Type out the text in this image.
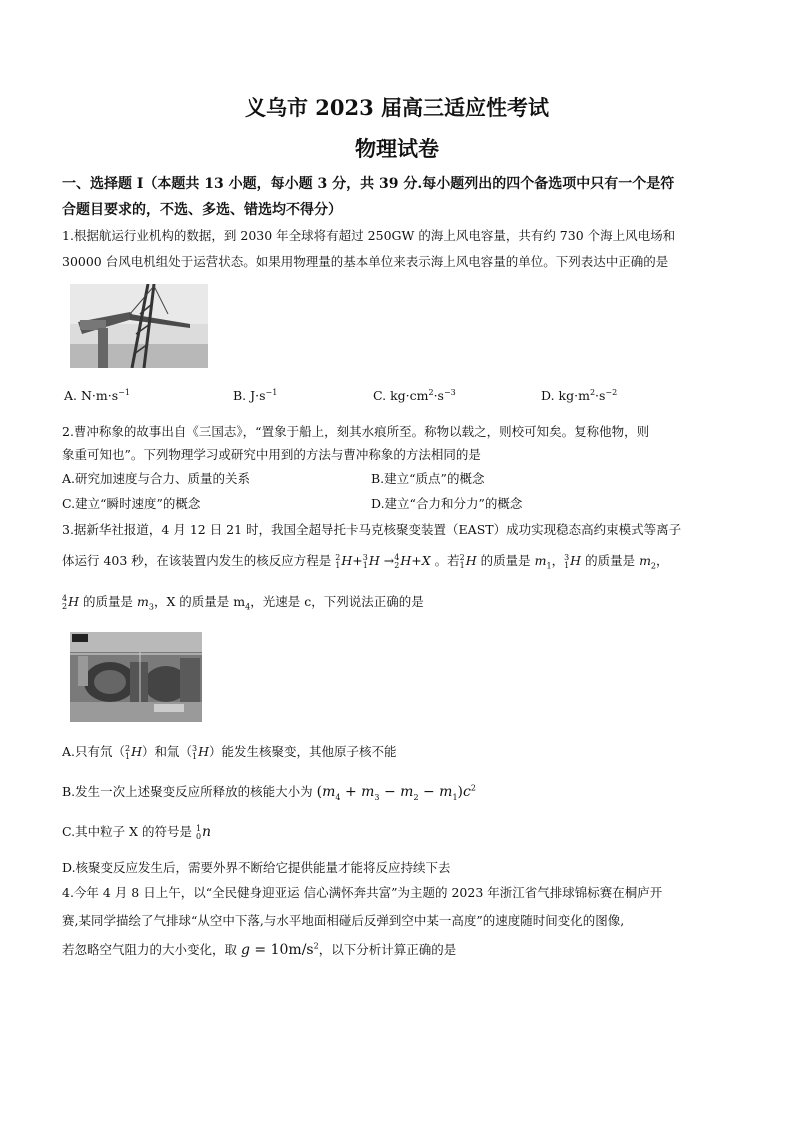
义乌市 2023 届高三适应性考试
物理试卷
一、选择题 I（本题共 13 小题，每小题 3 分，共 39 分.每小题列出的四个备选项中只有一个是符
合题目要求的，不选、多选、错选均不得分）
1.根据航运行业机构的数据，到 2030 年全球将有超过 250GW 的海上风电容量，共有约 730 个海上风电场和
30000 台风电机组处于运营状态。如果用物理量的基本单位来表示海上风电容量的单位。下列表达中正确的是
A. $N\cdot m\cdot s^{-1}$	B. $J\cdot s^{-1}$	C. $kg\cdot cm^2\cdot s^{-3}$	D. $kg\cdot m^2\cdot s^{-2}$
2.曹冲称象的故事出自《三国志》，“置象于船上，刻其水痕所至。称物以载之，则校可知矣。复称他物，则
象重可知也”。下列物理学习或研究中用到的方法与曹冲称象的方法相同的是
A.研究加速度与合力、质量的关系	B.建立“质点”的概念
C.建立“瞬时速度”的概念	D.建立“合力和分力”的概念
3.据新华社报道，4 月 12 日 21 时，我国全超导托卡马克核聚变装置（EAST）成功实现稳态高约束模式等离子
体运行 403 秒，在该装置内发生的核反应方程是 2
1 H+ 3
1 H → 4
2 H+X 。若 2
1 H 的质量是 $m_1$， 3
1 H 的质量是 $m_2$，
4
2 H 的质量是 $m_3$，X 的质量是 $m_4$，光速是 c，下列说法正确的是
A.只有氘（ 2
1 H）和氚（ 3
1 H）能发生核聚变，其他原子核不能
B.发生一次上述聚变反应所释放的核能大小为 $(m_4 + m_3 - m_2 - m_1)c^2$
C.其中粒子 X 的符号是 1
0 n
D.核聚变反应发生后，需要外界不断给它提供能量才能将反应持续下去
4.今年 4 月 8 日上午，以“全民健身迎亚运 信心满怀奔共富”为主题的 2023 年浙江省气排球锦标赛在桐庐开
赛,某同学描绘了气排球“从空中下落,与水平地面相碰后反弹到空中某一高度”的速度随时间变化的图像,
若忽略空气阻力的大小变化，取 $g = 10m/s^2$，以下分析计算正确的是
